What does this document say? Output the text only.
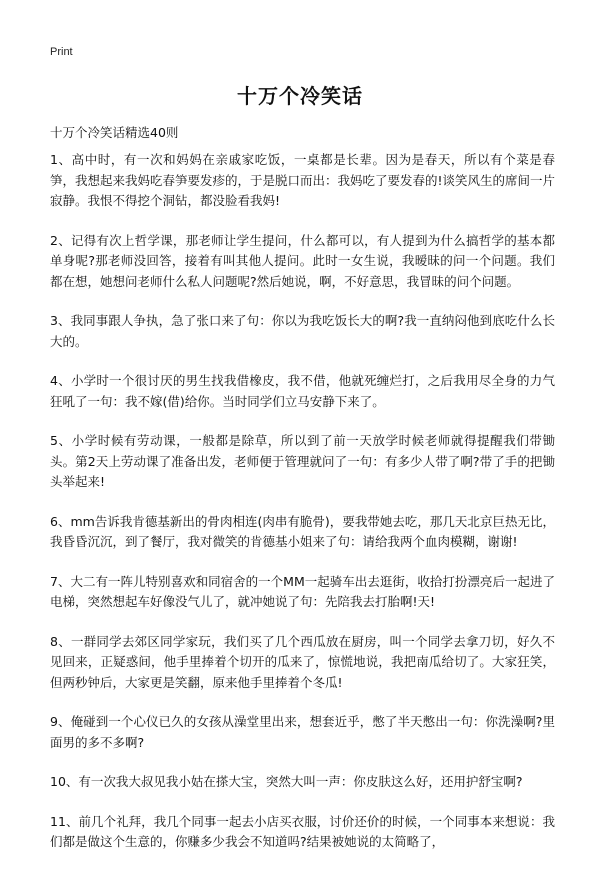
Print
十万个冷笑话

十万个冷笑话精选40则

1、高中时，有一次和妈妈在亲戚家吃饭，一桌都是长辈。因为是春天，所以有个菜是春笋，我想起来我妈吃春笋要发疹的，于是脱口而出：我妈吃了要发春的!谈笑风生的席间一片寂静。我恨不得挖个洞钻，都没脸看我妈!

2、记得有次上哲学课，那老师让学生提问，什么都可以，有人提到为什么搞哲学的基本都单身呢?那老师没回答，接着有叫其他人提问。此时一女生说，我暧昧的问一个问题。我们都在想，她想问老师什么私人问题呢?然后她说，啊，不好意思，我冒昧的问个问题。

3、我同事跟人争执，急了张口来了句：你以为我吃饭长大的啊?我一直纳闷他到底吃什么长大的。

4、小学时一个很讨厌的男生找我借橡皮，我不借，他就死缠烂打，之后我用尽全身的力气狂吼了一句：我不嫁(借)给你。当时同学们立马安静下来了。

5、小学时候有劳动课，一般都是除草，所以到了前一天放学时候老师就得提醒我们带锄头。第2天上劳动课了准备出发，老师便于管理就问了一句：有多少人带了啊?带了手的把锄头举起来!

6、mm告诉我肯德基新出的骨肉相连(肉串有脆骨)，要我带她去吃，那几天北京巨热无比，我昏昏沉沉，到了餐厅，我对微笑的肯德基小姐来了句：请给我两个血肉模糊，谢谢!

7、大二有一阵儿特别喜欢和同宿舍的一个MM一起骑车出去逛街，收拾打扮漂亮后一起进了电梯，突然想起车好像没气儿了，就冲她说了句：先陪我去打胎啊!天!

8、一群同学去郊区同学家玩，我们买了几个西瓜放在厨房，叫一个同学去拿刀切，好久不见回来，正疑惑间，他手里捧着个切开的瓜来了，惊慌地说，我把南瓜给切了。大家狂笑，但两秒钟后，大家更是笑翻，原来他手里捧着个冬瓜!

9、俺碰到一个心仪已久的女孩从澡堂里出来，想套近乎，憋了半天憋出一句：你洗澡啊?里面男的多不多啊?

10、有一次我大叔见我小姑在搽大宝，突然大叫一声：你皮肤这么好，还用护舒宝啊?

11、前几个礼拜，我几个同事一起去小店买衣服，讨价还价的时候，一个同事本来想说：我们都是做这个生意的，你赚多少我会不知道吗?结果被她说的太简略了，
